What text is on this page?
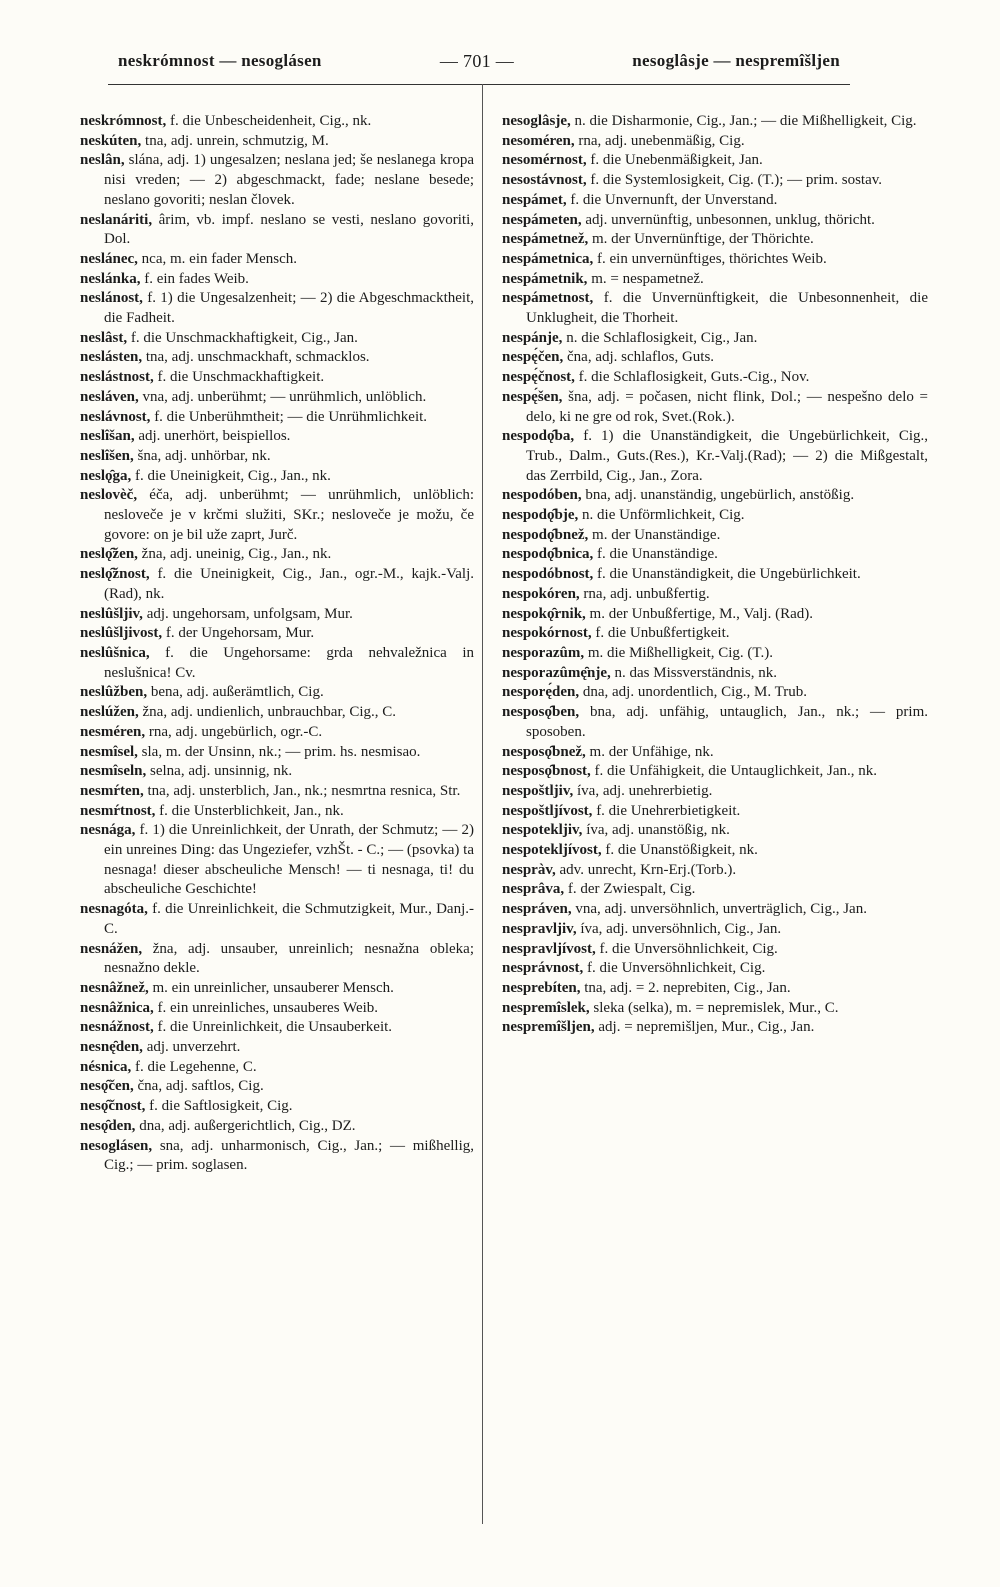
neskrómnost — nesoglásen	— 701 —	nesoglâsje — nespremîšljen

neskrómnost, f. die Unbescheidenheit, Cig., nk.

neskúten, tna, adj. unrein, schmutzig, M.

neslân, slána, adj. 1) ungesalzen; neslana jed; še neslanega kropa nisi vreden; — 2) abgeschmackt, fade; neslane besede; neslano govoriti; neslan človek.

neslanáriti, ârim, vb. impf. neslano se vesti, neslano govoriti, Dol.

neslánec, nca, m. ein fader Mensch.

neslánka, f. ein fades Weib.

neslánost, f. 1) die Ungesalzenheit; — 2) die Abgeschmacktheit, die Fadheit.

neslâst, f. die Unschmackhaftigkeit, Cig., Jan.

neslásten, tna, adj. unschmackhaft, schmacklos.

neslástnost, f. die Unschmackhaftigkeit.

nesláven, vna, adj. unberühmt; — unrühmlich, unlöblich.

neslávnost, f. die Unberühmtheit; — die Unrühmlichkeit.

neslîšan, adj. unerhört, beispiellos.

neslîšen, šna, adj. unhörbar, nk.

neslǫ̑ga, f. die Uneinigkeit, Cig., Jan., nk.

neslovèč, éča, adj. unberühmt; — unrühmlich, unlöblich: nesloveče je v krčmi služiti, SKr.; nesloveče je možu, če govore: on je bil uže zaprt, Jurč.

neslǫ̑žen, žna, adj. uneinig, Cig., Jan., nk.

neslǫ̑žnost, f. die Uneinigkeit, Cig., Jan., ogr.-M., kajk.-Valj.(Rad), nk.

neslûšljiv, adj. ungehorsam, unfolgsam, Mur.

neslûšljivost, f. der Ungehorsam, Mur.

neslûšnica, f. die Ungehorsame: grda nehvaležnica in neslušnica! Cv.

neslûžben, bena, adj. außerämtlich, Cig.

neslúžen, žna, adj. undienlich, unbrauchbar, Cig., C.

nesméren, rna, adj. ungebürlich, ogr.-C.

nesmîsel, sla, m. der Unsinn, nk.; — prim. hs. nesmisao.

nesmîseln, selna, adj. unsinnig, nk.

nesmŕten, tna, adj. unsterblich, Jan., nk.; nesmrtna resnica, Str.

nesmŕtnost, f. die Unsterblichkeit, Jan., nk.

nesnága, f. 1) die Unreinlichkeit, der Unrath, der Schmutz; — 2) ein unreines Ding: das Ungeziefer, vzhŠt. - C.; — (psovka) ta nesnaga! dieser abscheuliche Mensch! — ti nesnaga, ti! du abscheuliche Geschichte!

nesnagóta, f. die Unreinlichkeit, die Schmutzigkeit, Mur., Danj.-C.

nesnážen, žna, adj. unsauber, unreinlich; nesnažna obleka; nesnažno dekle.

nesnâžnež, m. ein unreinlicher, unsauberer Mensch.

nesnâžnica, f. ein unreinliches, unsauberes Weib.

nesnážnost, f. die Unreinlichkeit, die Unsauberkeit.

nesnę̑den, adj. unverzehrt.

nésnica, f. die Legehenne, C.

nesǫ̑čen, čna, adj. saftlos, Cig.

nesǫ̑čnost, f. die Saftlosigkeit, Cig.

nesǫ̑den, dna, adj. außergerichtlich, Cig., DZ.

nesoglásen, sna, adj. unharmonisch, Cig., Jan.; — mißhellig, Cig.; — prim. soglasen.

nesoglâsje, n. die Disharmonie, Cig., Jan.; — die Mißhelligkeit, Cig.

nesoméren, rna, adj. unebenmäßig, Cig.

nesomérnost, f. die Unebenmäßigkeit, Jan.

nesostávnost, f. die Systemlosigkeit, Cig. (T.); — prim. sostav.

nespámet, f. die Unvernunft, der Unverstand.

nespámeten, adj. unvernünftig, unbesonnen, unklug, thöricht.

nespámetnež, m. der Unvernünftige, der Thörichte.

nespámetnica, f. ein unvernünftiges, thörichtes Weib.

nespámetnik, m. = nespametnež.

nespámetnost, f. die Unvernünftigkeit, die Unbesonnenheit, die Unklugheit, die Thorheit.

nespánje, n. die Schlaflosigkeit, Cig., Jan.

nespę́čen, čna, adj. schlaflos, Guts.

nespę́čnost, f. die Schlaflosigkeit, Guts.-Cig., Nov.

nespę́šen, šna, adj. = počasen, nicht flink, Dol.; — nespešno delo = delo, ki ne gre od rok, Svet.(Rok.).

nespodǫ̑ba, f. 1) die Unanständigkeit, die Ungebürlichkeit, Cig., Trub., Dalm., Guts.(Res.), Kr.-Valj.(Rad); — 2) die Mißgestalt, das Zerrbild, Cig., Jan., Zora.

nespodóben, bna, adj. unanständig, ungebürlich, anstößig.

nespodǫ̑bje, n. die Unförmlichkeit, Cig.

nespodǫ̑bnež, m. der Unanständige.

nespodǫ̑bnica, f. die Unanständige.

nespodóbnost, f. die Unanständigkeit, die Ungebürlichkeit.

nespokóren, rna, adj. unbußfertig.

nespokǫ̑rnik, m. der Unbußfertige, M., Valj. (Rad).

nespokórnost, f. die Unbußfertigkeit.

nesporazûm, m. die Mißhelligkeit, Cig. (T.).

nesporazûmę̑nje, n. das Missverständnis, nk.

nesporę́den, dna, adj. unordentlich, Cig., M. Trub.

nesposǫ̑ben, bna, adj. unfähig, untauglich, Jan., nk.; — prim. sposoben.

nesposǫ̑bnež, m. der Unfähige, nk.

nesposǫ̑bnost, f. die Unfähigkeit, die Untauglichkeit, Jan., nk.

nespoštljiv, íva, adj. unehrerbietig.

nespoštljívost, f. die Unehrerbietigkeit.

nespotekljiv, íva, adj. unanstößig, nk.

nespotekljívost, f. die Unanstößigkeit, nk.

nespràv, adv. unrecht, Krn-Erj.(Torb.).

nesprâva, f. der Zwiespalt, Cig.

nespráven, vna, adj. unversöhnlich, unverträglich, Cig., Jan.

nespravljiv, íva, adj. unversöhnlich, Cig., Jan.

nespravljívost, f. die Unversöhnlichkeit, Cig.

nesprávnost, f. die Unversöhnlichkeit, Cig.

nesprebíten, tna, adj. = 2. neprebiten, Cig., Jan.

nespremîslek, sleka (selka), m. = nepremislek, Mur., C.

nespremîšljen, adj. = nepremišljen, Mur., Cig., Jan.
